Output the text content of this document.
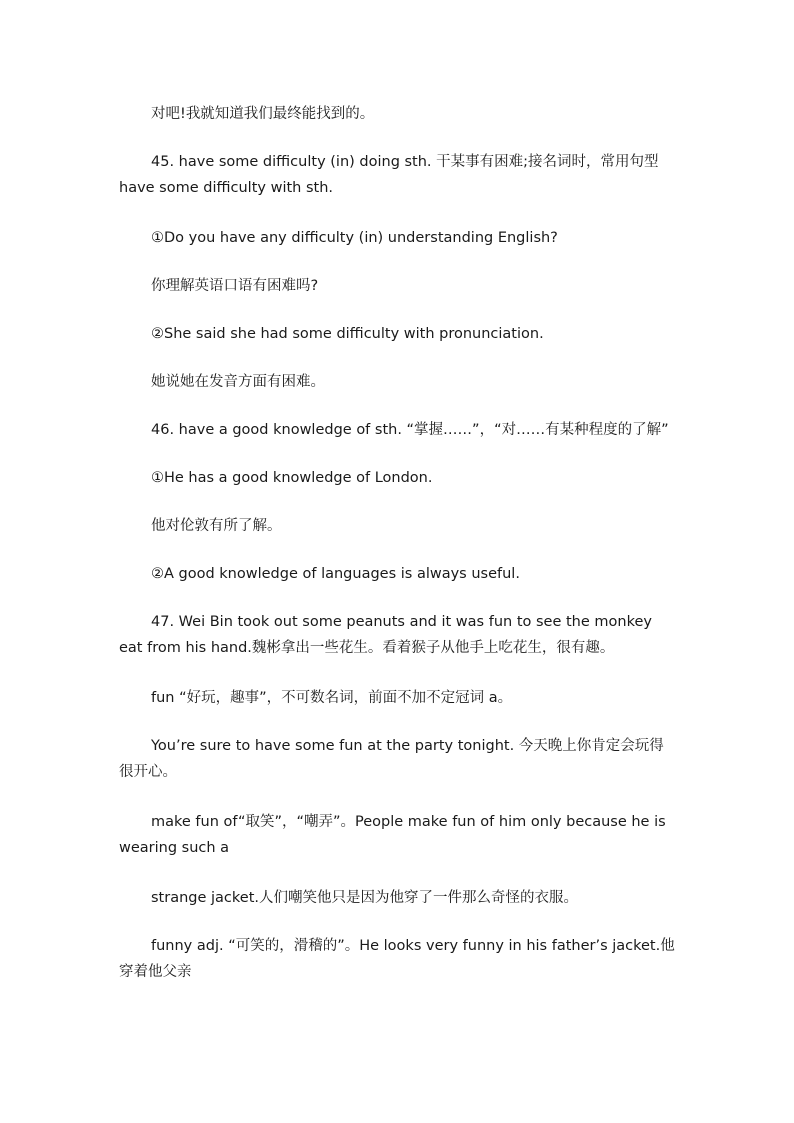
对吧!我就知道我们最终能找到的。

45. have some difficulty (in) doing sth. 干某事有困难;接名词时，常用句型 have some difficulty with sth.

①Do you have any difficulty (in) understanding English?

你理解英语口语有困难吗?

②She said she had some difficulty with pronunciation.

她说她在发音方面有困难。

46. have a good knowledge of sth. “掌握……”，“对……有某种程度的了解”

①He has a good knowledge of London.

他对伦敦有所了解。

②A good knowledge of languages is always useful.

47. Wei Bin took out some peanuts and it was fun to see the monkey eat from his hand.魏彬拿出一些花生。看着猴子从他手上吃花生，很有趣。

fun “好玩，趣事”，不可数名词，前面不加不定冠词 a。

You’re sure to have some fun at the party tonight. 今天晚上你肯定会玩得很开心。

make fun of“取笑”，“嘲弄”。People make fun of him only because he is wearing such a

strange jacket.人们嘲笑他只是因为他穿了一件那么奇怪的衣服。

funny adj. “可笑的，滑稽的”。He looks very funny in his father’s jacket.他穿着他父亲
